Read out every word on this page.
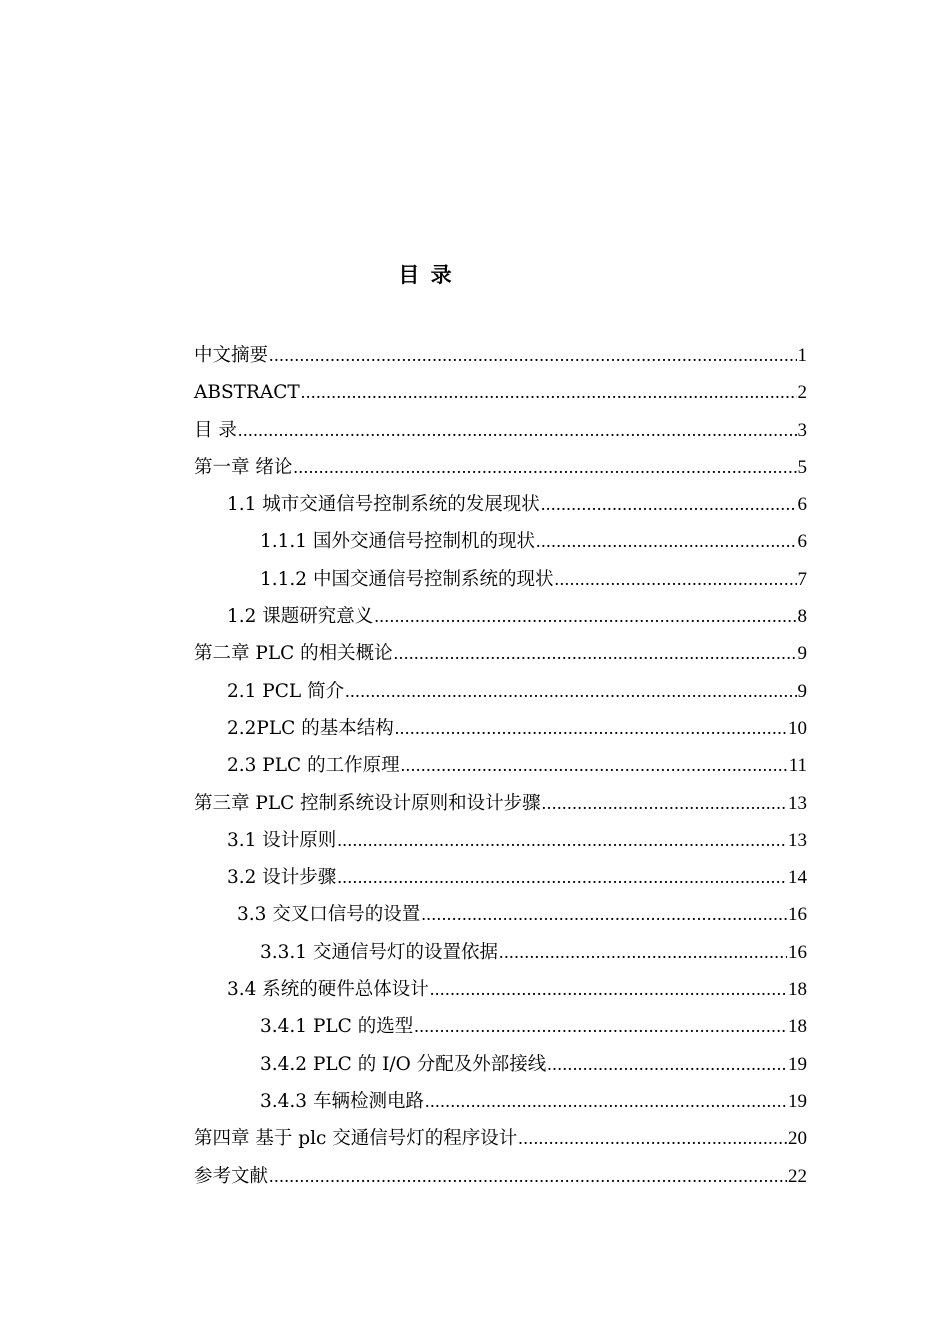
目 录
中文摘要 .....	1
ABSTRACT .....	2
目 录 .....	3
第一章 绪论 .....	5
1.1 城市交通信号控制系统的发展现状 .....	6
1.1.1 国外交通信号控制机的现状 .....	6
1.1.2 中国交通信号控制系统的现状 .....	7
1.2 课题研究意义 .....	8
第二章 PLC 的相关概论 .....	9
2.1 PCL 简介 .....	9
2.2PLC 的基本结构 .....	10
2.3 PLC 的工作原理 .....	11
第三章 PLC 控制系统设计原则和设计步骤 .....	13
3.1 设计原则 .....	13
3.2 设计步骤 .....	14
3.3 交叉口信号的设置 .....	16
3.3.1 交通信号灯的设置依据 .....	16
3.4 系统的硬件总体设计 .....	18
3.4.1 PLC 的选型 .....	18
3.4.2 PLC 的 I/O 分配及外部接线 .....	19
3.4.3 车辆检测电路 .....	19
第四章 基于 plc 交通信号灯的程序设计 .....	20
参考文献 .....	22
